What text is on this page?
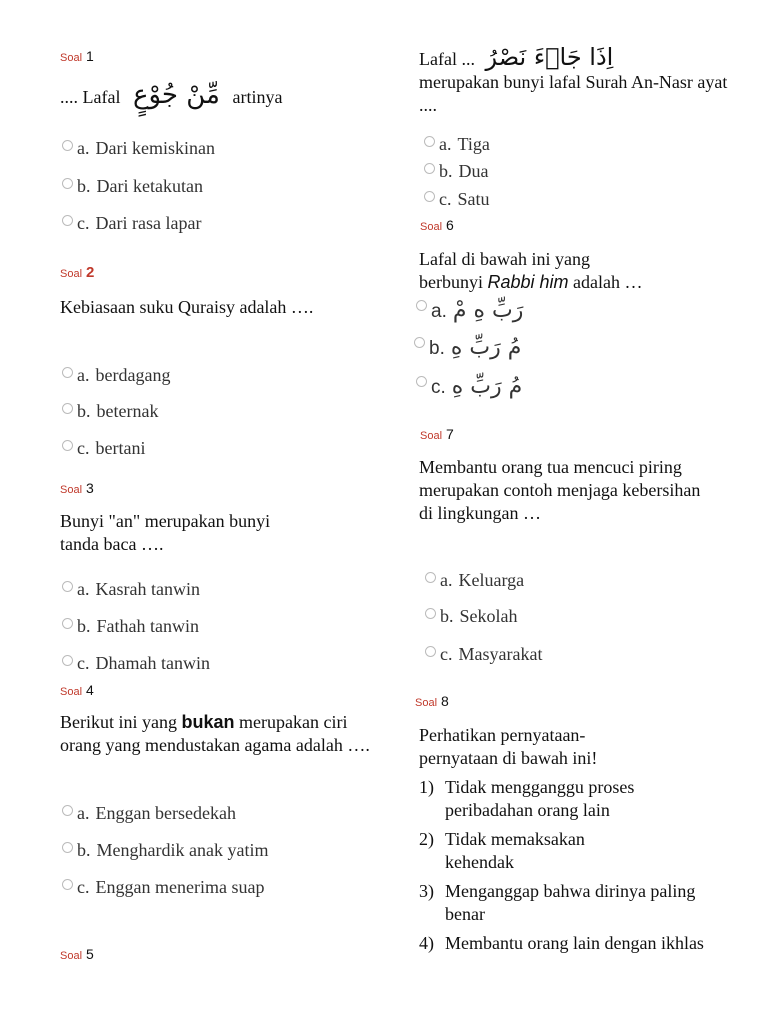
Soal 1
.... Lafal مِّنْ جُوْعٍ artinya
a. Dari kemiskinan
b. Dari ketakutan
c. Dari rasa lapar
Soal 2
Kebiasaan suku Quraisy adalah ….
a. berdagang
b. beternak
c. bertani
Soal 3
Bunyi "an" merupakan bunyi
tanda baca ….
a. Kasrah tanwin
b. Fathah tanwin
c. Dhamah tanwin
Soal 4
Berikut ini yang bukan merupakan ciri orang yang mendustakan agama adalah ….
a. Enggan bersedekah
b. Menghardik anak yatim
c. Enggan menerima suap
Soal 5
Lafal ... اِذَا جَاۤءَ نَصْرُ
merupakan bunyi lafal Surah An-Nasr ayat ....
a. Tiga
b. Dua
c. Satu
Soal 6
Lafal di bawah ini yang
berbunyi Rabbi him adalah …
a. رَبِّ هِ مْ
b. مُ رَبِّ هِ
c. مُ رَبِّ هِ
Soal 7
Membantu orang tua mencuci piring merupakan contoh menjaga kebersihan di lingkungan …
a. Keluarga
b. Sekolah
c. Masyarakat
Soal 8
Perhatikan pernyataan-pernyataan di bawah ini!
1) Tidak mengganggu proses peribadahan orang lain
2) Tidak memaksakan kehendak
3) Menganggap bahwa dirinya paling benar
4) Membantu orang lain dengan ikhlas
